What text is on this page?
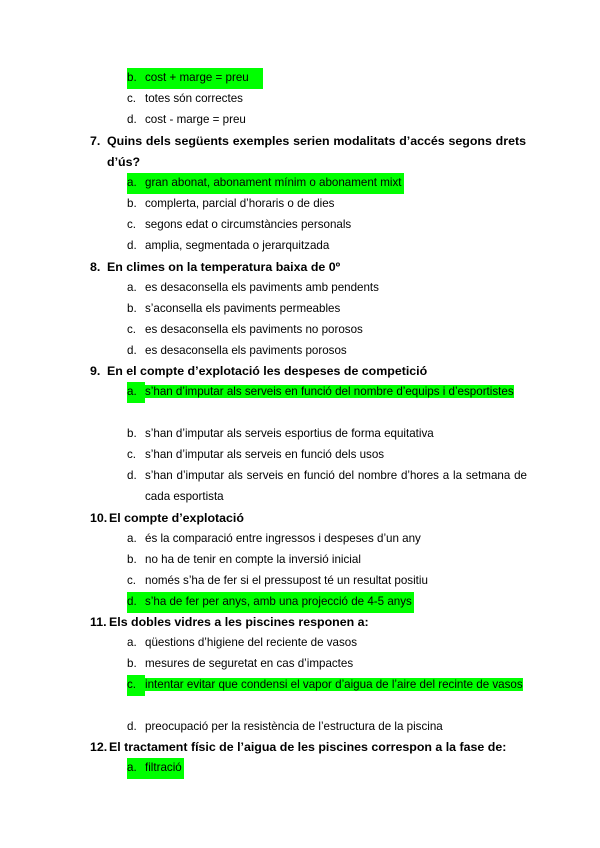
b. cost + marge = preu
c. totes són correctes
d. cost - marge = preu
7. Quins dels següents exemples serien modalitats d’accés segons drets d’ús?
a. gran abonat, abonament mínim o abonament mixt
b. complerta, parcial d’horaris o de dies
c. segons edat o circumstàncies personals
d. amplia, segmentada o jerarquitzada
8. En climes on la temperatura baixa de 0º
a. es desaconsella els paviments amb pendents
b. s’aconsella els paviments permeables
c. es desaconsella els paviments no porosos
d. es desaconsella els paviments porosos
9. En el compte d’explotació les despeses de competició
a. s’han d’imputar als serveis en funció del nombre d’equips i d’esportistes
b. s’han d’imputar als serveis esportius de forma equitativa
c. s’han d’imputar als serveis en funció dels usos
d. s’han d’imputar als serveis en funció del nombre d’hores a la setmana de cada esportista
10. El compte d’explotació
a. és la comparació entre ingressos i despeses d’un any
b. no ha de tenir en compte la inversió inicial
c. només s’ha de fer si el pressupost té un resultat positiu
d. s’ha de fer per anys, amb una projecció de 4-5 anys
11. Els dobles vidres a les piscines responen a:
a. qüestions d’higiene del reciente de vasos
b. mesures de seguretat en cas d’impactes
c. intentar evitar que condensi el vapor d’aigua de l’aire del recinte de vasos
d. preocupació per la resistència de l’estructura de la piscina
12. El tractament físic de l’aigua de les piscines correspon a la fase de:
a. filtració
